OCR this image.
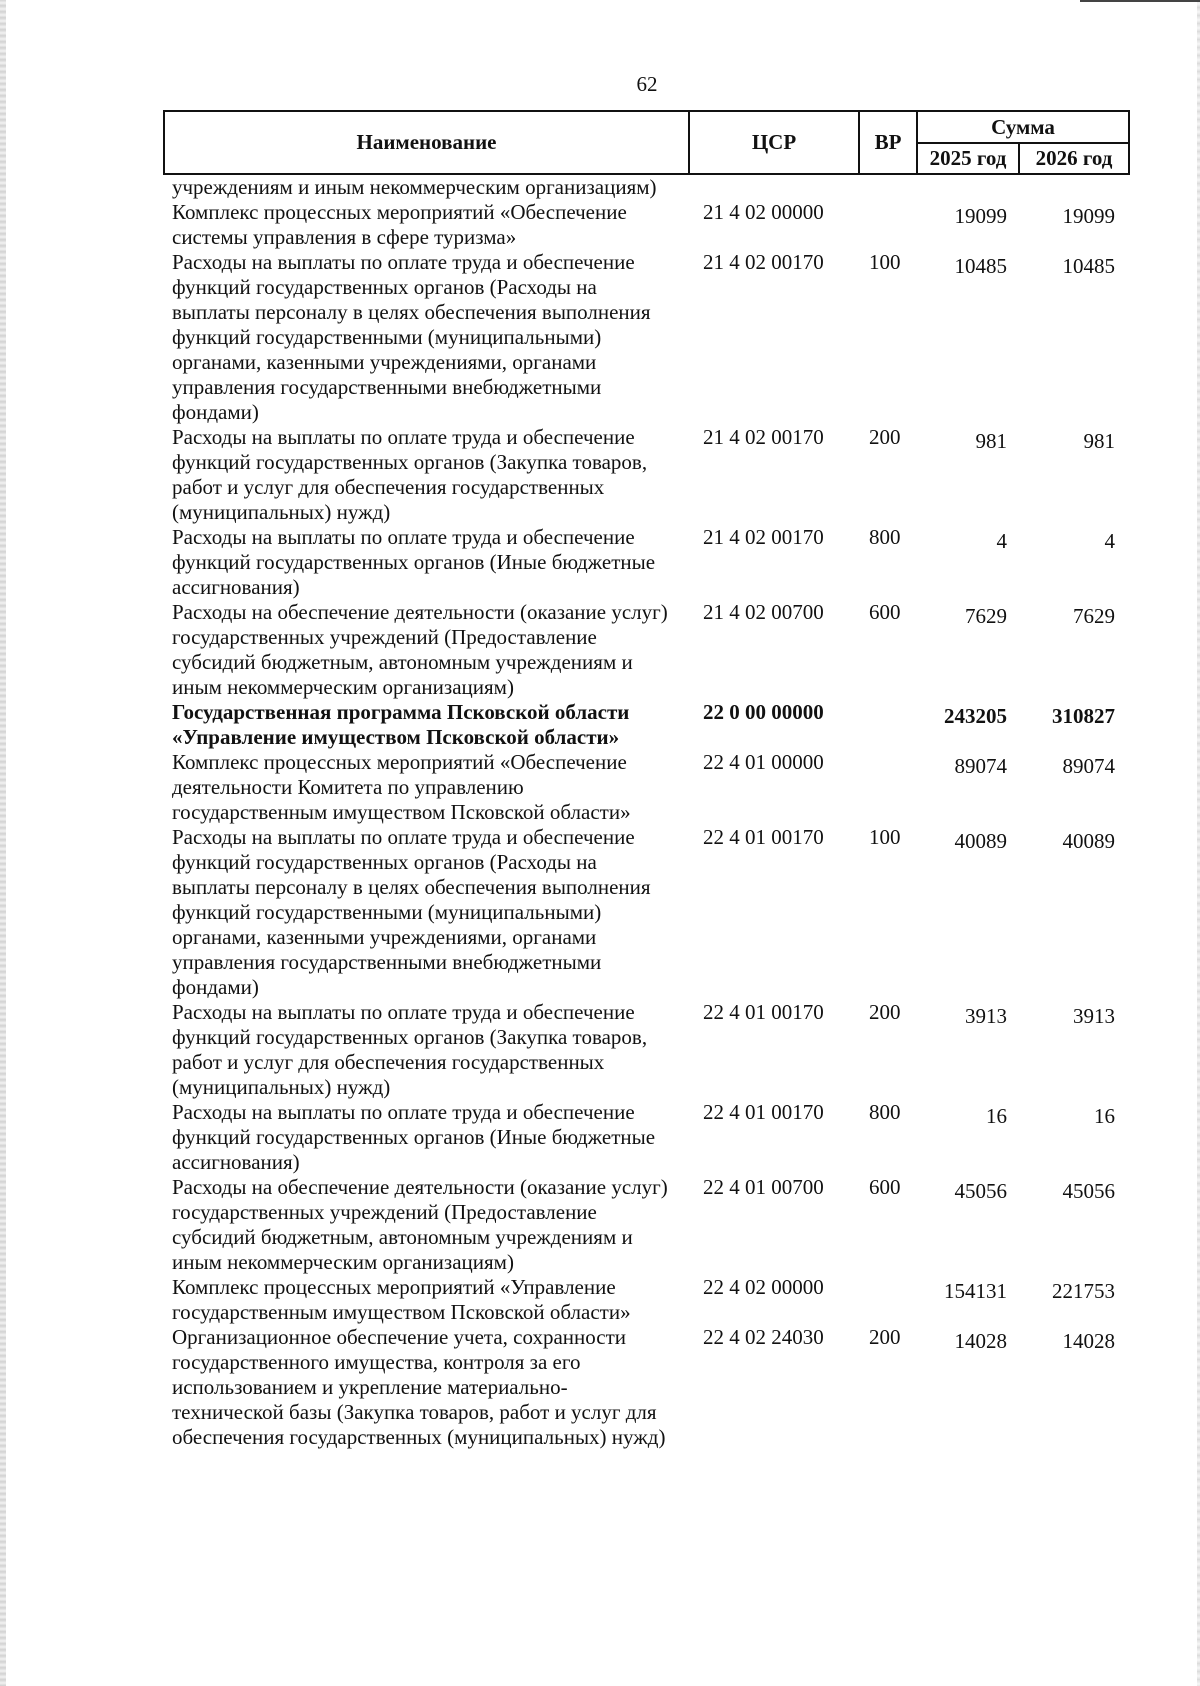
62
Наименование	ЦСР	ВР	Сумма	
			2025 год	2026 год
учреждениям и иным некоммерческим организациям)				
Комплекс процессных мероприятий «Обеспечение системы управления в сфере туризма»	21 4 02 00000		19099	19099
Расходы на выплаты по оплате труда и обеспечение функций государственных органов (Расходы на выплаты персоналу в целях обеспечения выполнения функций государственными (муниципальными) органами, казенными учреждениями, органами управления государственными внебюджетными фондами)	21 4 02 00170	100	10485	10485
Расходы на выплаты по оплате труда и обеспечение функций государственных органов (Закупка товаров, работ и услуг для обеспечения государственных (муниципальных) нужд)	21 4 02 00170	200	981	981
Расходы на выплаты по оплате труда и обеспечение функций государственных органов (Иные бюджетные ассигнования)	21 4 02 00170	800	4	4
Расходы на обеспечение деятельности (оказание услуг) государственных учреждений (Предоставление субсидий бюджетным, автономным учреждениям и иным некоммерческим организациям)	21 4 02 00700	600	7629	7629
Государственная программа Псковской области «Управление имуществом Псковской области»	22 0 00 00000		243205	310827
Комплекс процессных мероприятий «Обеспечение деятельности Комитета по управлению государственным имуществом Псковской области»	22 4 01 00000		89074	89074
Расходы на выплаты по оплате труда и обеспечение функций государственных органов (Расходы на выплаты персоналу в целях обеспечения выполнения функций государственными (муниципальными) органами, казенными учреждениями, органами управления государственными внебюджетными фондами)	22 4 01 00170	100	40089	40089
Расходы на выплаты по оплате труда и обеспечение функций государственных органов (Закупка товаров, работ и услуг для обеспечения государственных (муниципальных) нужд)	22 4 01 00170	200	3913	3913
Расходы на выплаты по оплате труда и обеспечение функций государственных органов (Иные бюджетные ассигнования)	22 4 01 00170	800	16	16
Расходы на обеспечение деятельности (оказание услуг) государственных учреждений (Предоставление субсидий бюджетным, автономным учреждениям и иным некоммерческим организациям)	22 4 01 00700	600	45056	45056
Комплекс процессных мероприятий «Управление государственным имуществом Псковской области»	22 4 02 00000		154131	221753
Организационное обеспечение учета, сохранности государственного имущества, контроля за его использованием и укрепление материально-технической базы (Закупка товаров, работ и услуг для обеспечения государственных (муниципальных) нужд)	22 4 02 24030	200	14028	14028
